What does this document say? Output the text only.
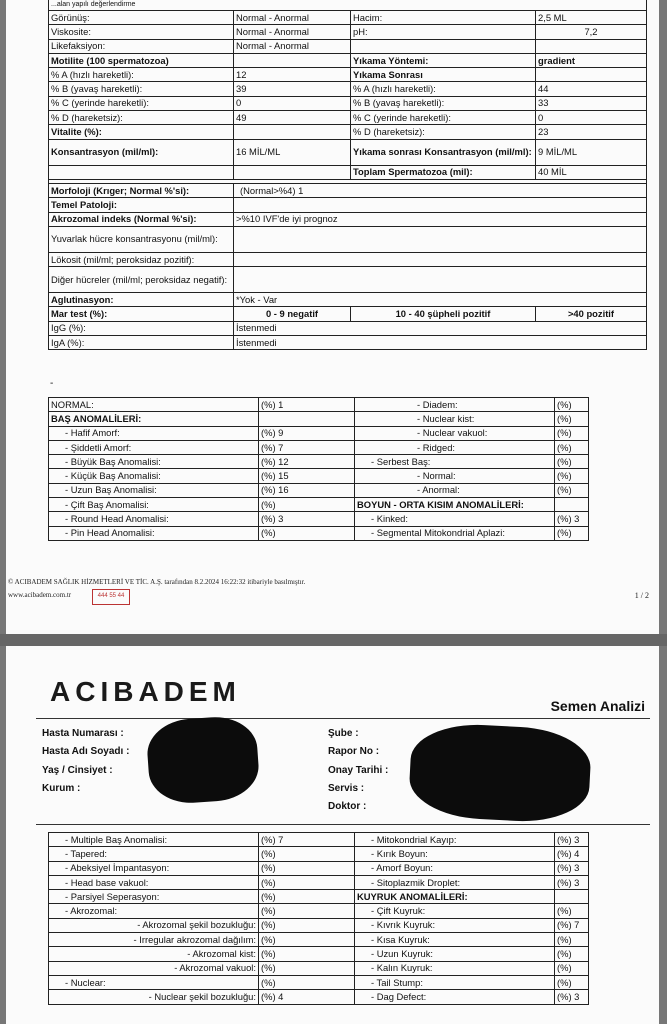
...alan yapılı değerlendirme			
Görünüş:	Normal - Anormal	Hacim:	2,5 ML
Viskosite:	Normal - Anormal	pH:	7,2
Likefaksiyon:	Normal - Anormal		
Motilite (100 spermatozoa)		Yıkama Yöntemi:	gradient
% A (hızlı hareketli):	12	Yıkama Sonrası	
% B (yavaş hareketli):	39	% A (hızlı hareketli):	44
% C (yerinde hareketli):	0	% B (yavaş hareketli):	33
% D (hareketsiz):	49	% C (yerinde hareketli):	0
Vitalite (%):		% D (hareketsiz):	23
Konsantrasyon (mil/ml):	16 MİL/ML	Yıkama sonrası Konsantrasyon (mil/ml):	9 MİL/ML
		Toplam Spermatozoa (mil):	40 MİL

Morfoloji (Krıger; Normal %'si):	(Normal>%4) 1		
Temel Patoloji:			
Akrozomal indeks (Normal %'si):	>%10 IVF'de iyi prognoz		
Yuvarlak hücre konsantrasyonu (mil/ml):			
Lökosit (mil/ml; peroksidaz pozitif):			
Diğer hücreler (mil/ml; peroksidaz negatif):			
Aglutinasyon:	*Yok - Var		
Mar test (%):	0 - 9 negatif	10 - 40 şüpheli pozitif	>40 pozitif
IgG (%):	İstenmedi		
IgA (%):	İstenmedi		
-
NORMAL:	(%) 1	- Diadem:	(%)
BAŞ ANOMALİLERİ:		- Nuclear kist:	(%)
- Hafif Amorf:	(%) 9	- Nuclear vakuol:	(%)
- Şiddetli Amorf:	(%) 7	- Ridged:	(%)
- Büyük Baş Anomalisi:	(%) 12	- Serbest Baş:	(%)
- Küçük Baş Anomalisi:	(%) 15	- Normal:	(%)
- Uzun Baş Anomalisi:	(%) 16	- Anormal:	(%)
- Çift Baş Anomalisi:	(%)	BOYUN - ORTA KISIM ANOMALİLERİ:	
- Round Head Anomalisi:	(%) 3	- Kinked:	(%) 3
- Pin Head Anomalisi:	(%)	- Segmental Mitokondrial Aplazi:	(%)
© ACIBADEM SAĞLIK HİZMETLERİ VE TİC. A.Ş. tarafından 8.2.2024 16:22:32 itibariyle basılmıştır.
www.acibadem.com.tr	444 55 44	1 / 2
ACIBADEM	Semen Analizi
Hasta Numarası :
Hasta Adı Soyadı :
Yaş / Cinsiyet :
Kurum :
Şube :
Rapor No :
Onay Tarihi :
Servis :
Doktor :
- Multiple Baş Anomalisi:	(%) 7	- Mitokondrial Kayıp:	(%) 3
- Tapered:	(%)	- Kırık Boyun:	(%) 4
- Abeksiyel İmpantasyon:	(%)	- Amorf Boyun:	(%) 3
- Head base vakuol:	(%)	- Sitoplazmik Droplet:	(%) 3
- Parsiyel Seperasyon:	(%)	KUYRUK ANOMALİLERİ:	
- Akrozomal:	(%)	- Çift Kuyruk:	(%)
- Akrozomal şekil bozukluğu:	(%)	- Kıvrık Kuyruk:	(%) 7
- Irregular akrozomal dağılım:	(%)	- Kısa Kuyruk:	(%)
- Akrozomal kist:	(%)	- Uzun Kuyruk:	(%)
- Akrozomal vakuol:	(%)	- Kalın Kuyruk:	(%)
- Nuclear:	(%)	- Tail Stump:	(%)
- Nuclear şekil bozukluğu:	(%) 4	- Dag Defect:	(%) 3
